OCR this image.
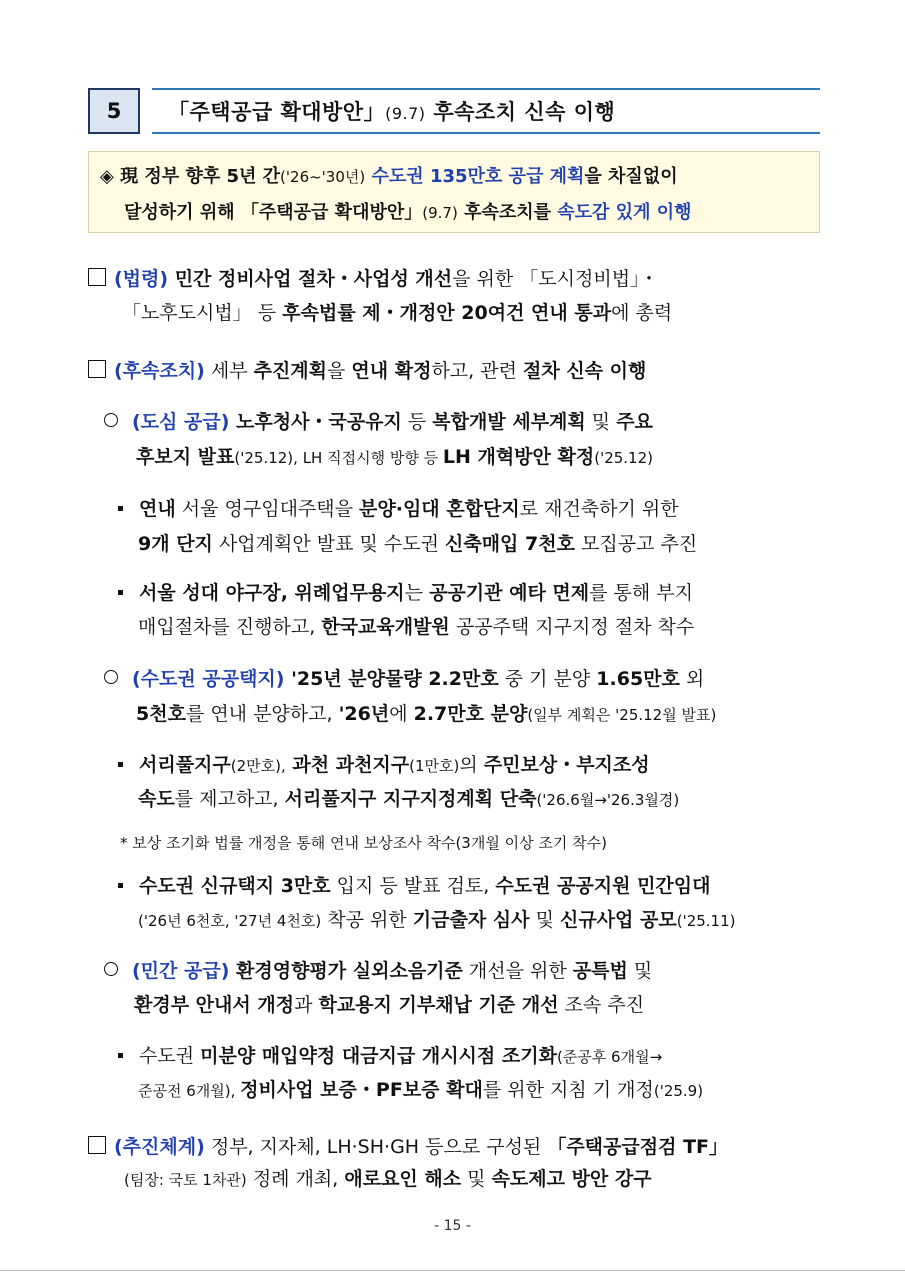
5 「주택공급 확대방안」(9.7) 후속조치 신속 이행
◈ 現 정부 향후 5년 간('26~'30년) 수도권 135만호 공급 계획을 차질없이
달성하기 위해 「주택공급 확대방안」(9.7) 후속조치를 속도감 있게 이행
(법령) 민간 정비사업 절차・사업성 개선을 위한 「도시정비법」・
「노후도시법」 등 후속법률 제・개정안 20여건 연내 통과에 총력
(후속조치) 세부 추진계획을 연내 확정하고, 관련 절차 신속 이행
(도심 공급) 노후청사・국공유지 등 복합개발 세부계획 및 주요
후보지 발표('25.12), LH 직접시행 방향 등 LH 개혁방안 확정('25.12)
연내 서울 영구임대주택을 분양·임대 혼합단지로 재건축하기 위한
9개 단지 사업계획안 발표 및 수도권 신축매입 7천호 모집공고 추진
서울 성대 야구장, 위례업무용지는 공공기관 예타 면제를 통해 부지
매입절차를 진행하고, 한국교육개발원 공공주택 지구지정 절차 착수
(수도권 공공택지) '25년 분양물량 2.2만호 중 기 분양 1.65만호 외
5천호를 연내 분양하고, '26년에 2.7만호 분양(일부 계획은 '25.12월 발표)
서리풀지구(2만호), 과천 과천지구(1만호)의 주민보상・부지조성
속도를 제고하고, 서리풀지구 지구지정계획 단축('26.6월→'26.3월경)
* 보상 조기화 법률 개정을 통해 연내 보상조사 착수(3개월 이상 조기 착수)
수도권 신규택지 3만호 입지 등 발표 검토, 수도권 공공지원 민간임대
('26년 6천호, '27년 4천호) 착공 위한 기금출자 심사 및 신규사업 공모('25.11)
(민간 공급) 환경영향평가 실외소음기준 개선을 위한 공특법 및
환경부 안내서 개정과 학교용지 기부채납 기준 개선 조속 추진
수도권 미분양 매입약정 대금지급 개시시점 조기화(준공후 6개월→
준공전 6개월), 정비사업 보증・PF보증 확대를 위한 지침 기 개정('25.9)
(추진체계) 정부, 지자체, LH·SH·GH 등으로 구성된 「주택공급점검 TF」
(팀장: 국토 1차관) 정례 개최, 애로요인 해소 및 속도제고 방안 강구
- 15 -
